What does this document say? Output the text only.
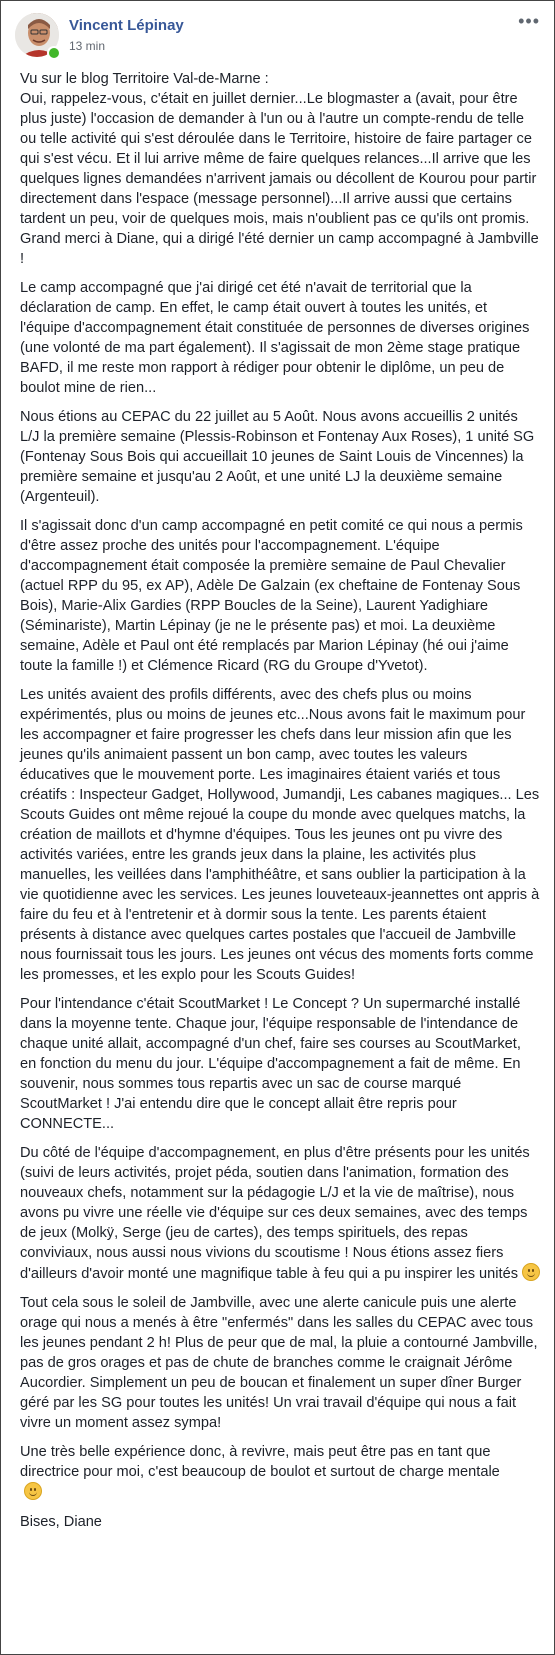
Vincent Lépinay
13 min
•••

Vu sur le blog Territoire Val-de-Marne :
Oui, rappelez-vous, c'était en juillet dernier...Le blogmaster a (avait, pour être plus juste) l'occasion de demander à l'un ou à l'autre un compte-rendu de telle ou telle activité qui s'est déroulée dans le Territoire, histoire de faire partager ce qui s'est vécu. Et il lui arrive même de faire quelques relances...Il arrive que les quelques lignes demandées n'arrivent jamais ou décollent de Kourou pour partir directement dans l'espace (message personnel)...Il arrive aussi que certains tardent un peu, voir de quelques mois, mais n'oublient pas ce qu'ils ont promis. Grand merci à Diane, qui a dirigé l'été dernier un camp accompagné à Jambville !

Le camp accompagné que j'ai dirigé cet été n'avait de territorial que la déclaration de camp. En effet, le camp était ouvert à toutes les unités, et l'équipe d'accompagnement était constituée de personnes de diverses origines (une volonté de ma part également). Il s'agissait de mon 2ème stage pratique BAFD, il me reste mon rapport à rédiger pour obtenir le diplôme, un peu de boulot mine de rien...

Nous étions au CEPAC du 22 juillet au 5 Août. Nous avons accueillis 2 unités L/J la première semaine (Plessis-Robinson et Fontenay Aux Roses), 1 unité SG (Fontenay Sous Bois qui accueillait 10 jeunes de Saint Louis de Vincennes) la première semaine et jusqu'au 2 Août, et une unité LJ la deuxième semaine (Argenteuil).

Il s'agissait donc d'un camp accompagné en petit comité ce qui nous a permis d'être assez proche des unités pour l'accompagnement. L'équipe d'accompagnement était composée la première semaine de Paul Chevalier (actuel RPP du 95, ex AP), Adèle De Galzain (ex cheftaine de Fontenay Sous Bois), Marie-Alix Gardies (RPP Boucles de la Seine), Laurent Yadighiare (Séminariste), Martin Lépinay (je ne le présente pas) et moi. La deuxième semaine, Adèle et Paul ont été remplacés par Marion Lépinay (hé oui j'aime toute la famille !) et Clémence Ricard (RG du Groupe d'Yvetot).

Les unités avaient des profils différents, avec des chefs plus ou moins expérimentés, plus ou moins de jeunes etc...Nous avons fait le maximum pour les accompagner et faire progresser les chefs dans leur mission afin que les jeunes qu'ils animaient passent un bon camp, avec toutes les valeurs éducatives que le mouvement porte. Les imaginaires étaient variés et tous créatifs : Inspecteur Gadget, Hollywood, Jumandji, Les cabanes magiques... Les Scouts Guides ont même rejoué la coupe du monde avec quelques matchs, la création de maillots et d'hymne d'équipes. Tous les jeunes ont pu vivre des activités variées, entre les grands jeux dans la plaine, les activités plus manuelles, les veillées dans l'amphithéâtre, et sans oublier la participation à la vie quotidienne avec les services. Les jeunes louveteaux-jeannettes ont appris à faire du feu et à l'entretenir et à dormir sous la tente. Les parents étaient présents à distance avec quelques cartes postales que l'accueil de Jambville nous fournissait tous les jours. Les jeunes ont vécus des moments forts comme les promesses, et les explo pour les Scouts Guides!

Pour l'intendance c'était ScoutMarket ! Le Concept ? Un supermarché installé dans la moyenne tente. Chaque jour, l'équipe responsable de l'intendance de chaque unité allait, accompagné d'un chef, faire ses courses au ScoutMarket, en fonction du menu du jour. L'équipe d'accompagnement a fait de même. En souvenir, nous sommes tous repartis avec un sac de course marqué ScoutMarket ! J'ai entendu dire que le concept allait être repris pour CONNECTE...

Du côté de l'équipe d'accompagnement, en plus d'être présents pour les unités (suivi de leurs activités, projet péda, soutien dans l'animation, formation des nouveaux chefs, notamment sur la pédagogie L/J et la vie de maîtrise), nous avons pu vivre une réelle vie d'équipe sur ces deux semaines, avec des temps de jeux (Molkÿ, Serge (jeu de cartes), des temps spirituels, des repas conviviaux, nous aussi nous vivions du scoutisme ! Nous étions assez fiers d'ailleurs d'avoir monté une magnifique table à feu qui a pu inspirer les unités

Tout cela sous le soleil de Jambville, avec une alerte canicule puis une alerte orage qui nous a menés à être "enfermés" dans les salles du CEPAC avec tous les jeunes pendant 2 h! Plus de peur que de mal, la pluie a contourné Jambville, pas de gros orages et pas de chute de branches comme le craignait Jérôme Aucordier. Simplement un peu de boucan et finalement un super dîner Burger géré par les SG pour toutes les unités! Un vrai travail d'équipe qui nous a fait vivre un moment assez sympa!

Une très belle expérience donc, à revivre, mais peut être pas en tant que directrice pour moi, c'est beaucoup de boulot et surtout de charge mentale

Bises, Diane
